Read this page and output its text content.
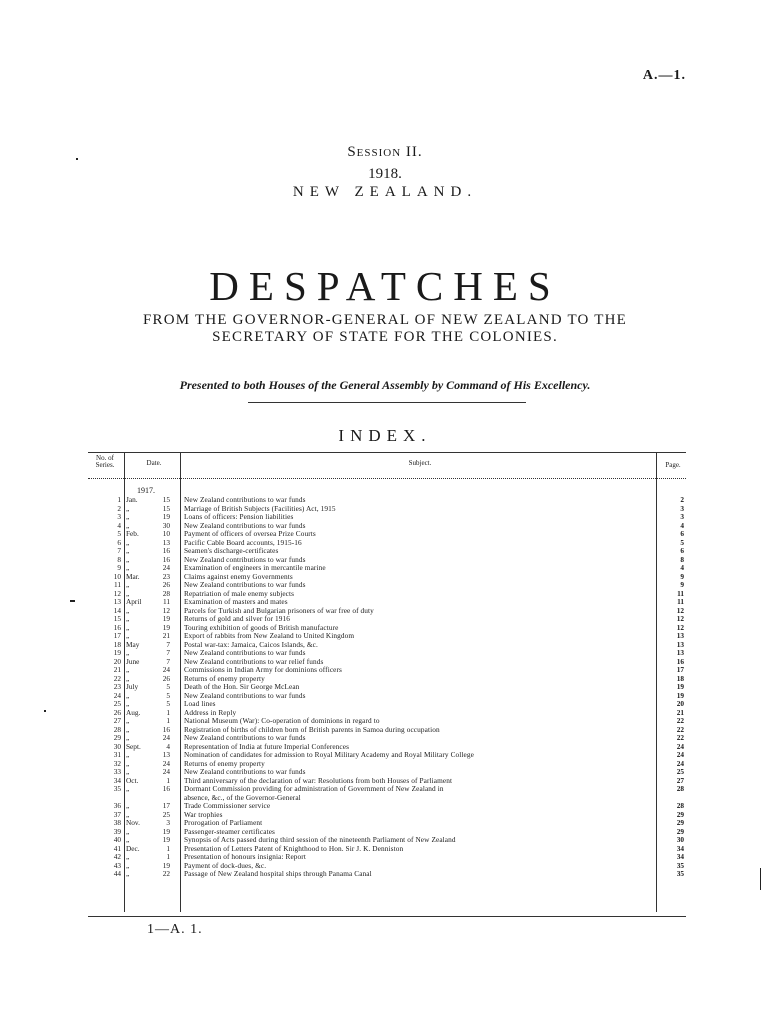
A.—1.
Session II.
1918.
NEW ZEALAND.
DESPATCHES
FROM THE GOVERNOR-GENERAL OF NEW ZEALAND TO THE
SECRETARY OF STATE FOR THE COLONIES.
Presented to both Houses of the General Assembly by Command of His Excellency.
INDEX.
No. of Series.	Date.	Subject.	Page.
1917.
1 Jan.	15 New Zealand contributions to war funds	2
2 „	15 Marriage of British Subjects (Facilities) Act, 1915	3
3 „	19 Loans of officers: Pension liabilities	3
4 „	30 New Zealand contributions to war funds	4
5 Feb.	10 Payment of officers of oversea Prize Courts	6
6 „	13 Pacific Cable Board accounts, 1915-16	5
7 „	16 Seamen's discharge-certificates	6
8 „	16 New Zealand contributions to war funds	8
9 „	24 Examination of engineers in mercantile marine	4
10 Mar.	23 Claims against enemy Governments	9
11 „	26 New Zealand contributions to war funds	9
12 „	28 Repatriation of male enemy subjects	11
13 April	11 Examination of masters and mates	11
14 „	12 Parcels for Turkish and Bulgarian prisoners of war free of duty	12
15 „	19 Returns of gold and silver for 1916	12
16 „	19 Touring exhibition of goods of British manufacture	12
17 „	21 Export of rabbits from New Zealand to United Kingdom	13
18 May	7 Postal war-tax: Jamaica, Caicos Islands, &c.	13
19 „	7 New Zealand contributions to war funds	13
20 June	7 New Zealand contributions to war relief funds	16
21 „	24 Commissions in Indian Army for dominions officers	17
22 „	26 Returns of enemy property	18
23 July	5 Death of the Hon. Sir George McLean	19
24 „	5 New Zealand contributions to war funds	19
25 „	5 Load lines	20
26 Aug.	1 Address in Reply	21
27 „	1 National Museum (War): Co-operation of dominions in regard to	22
28 „	16 Registration of births of children born of British parents in Samoa during occupation	22
29 „	24 New Zealand contributions to war funds	22
30 Sept.	4 Representation of India at future Imperial Conferences	24
31 „	13 Nomination of candidates for admission to Royal Military Academy and Royal Military College	24
32 „	24 Returns of enemy property	24
33 „	24 New Zealand contributions to war funds	25
34 Oct.	1 Third anniversary of the declaration of war: Resolutions from both Houses of Parliament	27
35 „	16 Dormant Commission providing for administration of Government of New Zealand in	28
absence, &c., of the Governor-General
36 „	17 Trade Commissioner service	28
37 „	25 War trophies	29
38 Nov.	3 Prorogation of Parliament	29
39 „	19 Passenger-steamer certificates	29
40 „	19 Synopsis of Acts passed during third session of the nineteenth Parliament of New Zealand	30
41 Dec.	1 Presentation of Letters Patent of Knighthood to Hon. Sir J. K. Denniston	34
42 „	1 Presentation of honours insignia: Report	34
43 „	19 Payment of dock-dues, &c.	35
44 „	22 Passage of New Zealand hospital ships through Panama Canal	35
1—A. 1.
